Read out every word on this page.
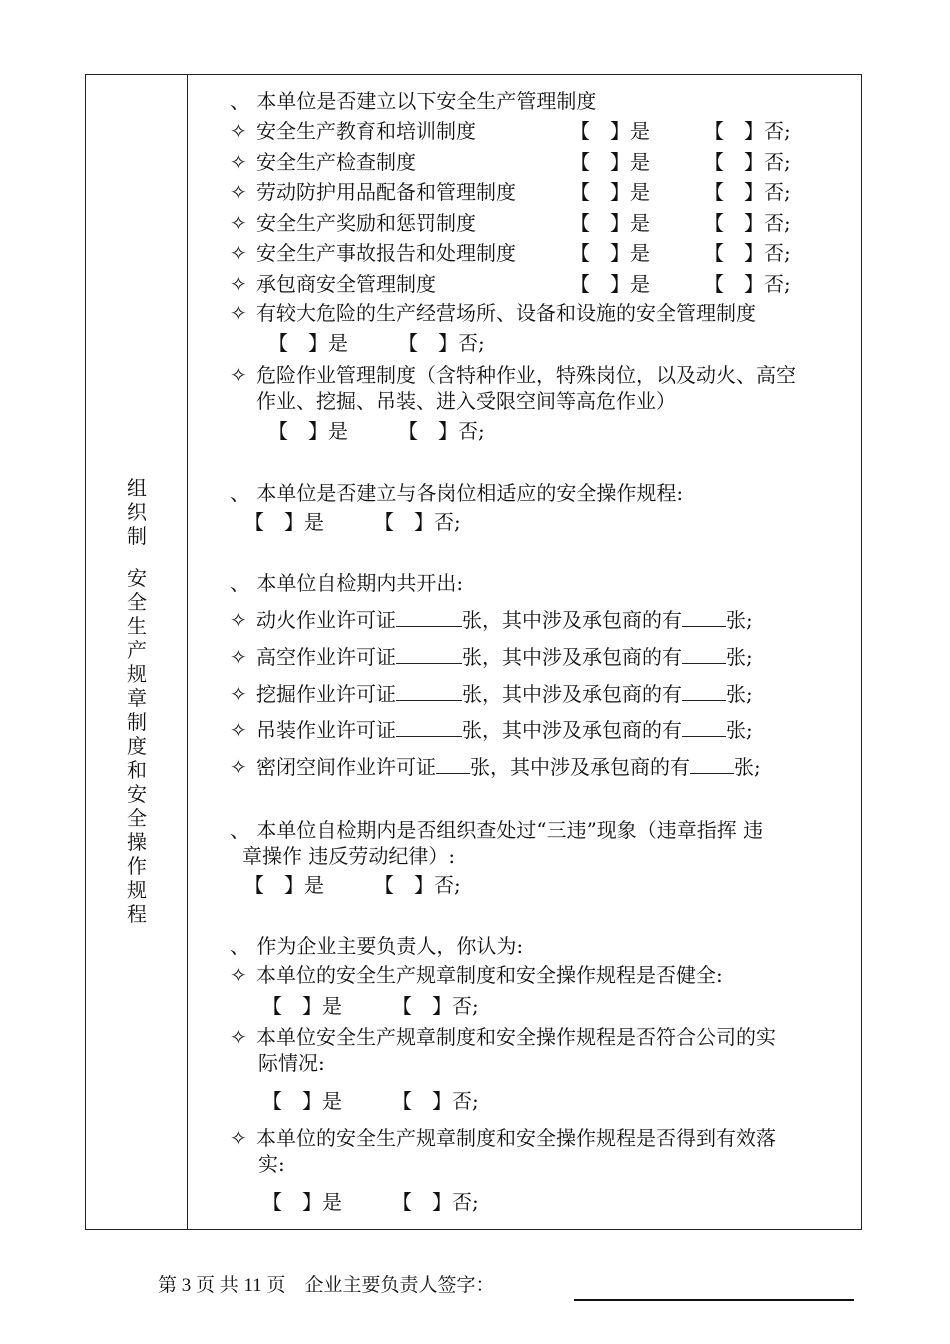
组
织
制
安
全
生
产
规
章
制
度
和
安
全
操
作
规
程
、 本单位是否建立以下安全生产管理制度
✧ 安全生产教育和培训制度	【　】是	【　】否;
✧ 安全生产检查制度	【　】是	【　】否;
✧ 劳动防护用品配备和管理制度	【　】是	【　】否;
✧ 安全生产奖励和惩罚制度	【　】是	【　】否;
✧ 安全生产事故报告和处理制度	【　】是	【　】否;
✧ 承包商安全管理制度	【　】是	【　】否;
✧ 有较大危险的生产经营场所、设备和设施的安全管理制度
【　】是　　　【　】否;
✧ 危险作业管理制度（含特种作业，特殊岗位，以及动火、高空
作业、挖掘、吊装、进入受限空间等高危作业）
【　】是　　　【　】否;
、 本单位是否建立与各岗位相适应的安全操作规程:
【　】是　　　【　】否;
、 本单位自检期内共开出:
✧ 动火作业许可证	张，其中涉及承包商的有 张;
✧ 高空作业许可证	张，其中涉及承包商的有 张;
✧ 挖掘作业许可证	张，其中涉及承包商的有 张;
✧ 吊装作业许可证	张，其中涉及承包商的有 张;
✧ 密闭空间作业许可证 张，其中涉及承包商的有 张;
、 本单位自检期内是否组织查处过“三违”现象（违章指挥 违
章操作 违反劳动纪律）:
【　】是　　　【　】否;
、 作为企业主要负责人，你认为:
✧ 本单位的安全生产规章制度和安全操作规程是否健全:
【　】是　　　【　】否;
✧ 本单位安全生产规章制度和安全操作规程是否符合公司的实
际情况:
【　】是　　　【　】否;
✧ 本单位的安全生产规章制度和安全操作规程是否得到有效落
实:
【　】是　　　【　】否;
第 3 页 共 11 页　企业主要负责人签字：
